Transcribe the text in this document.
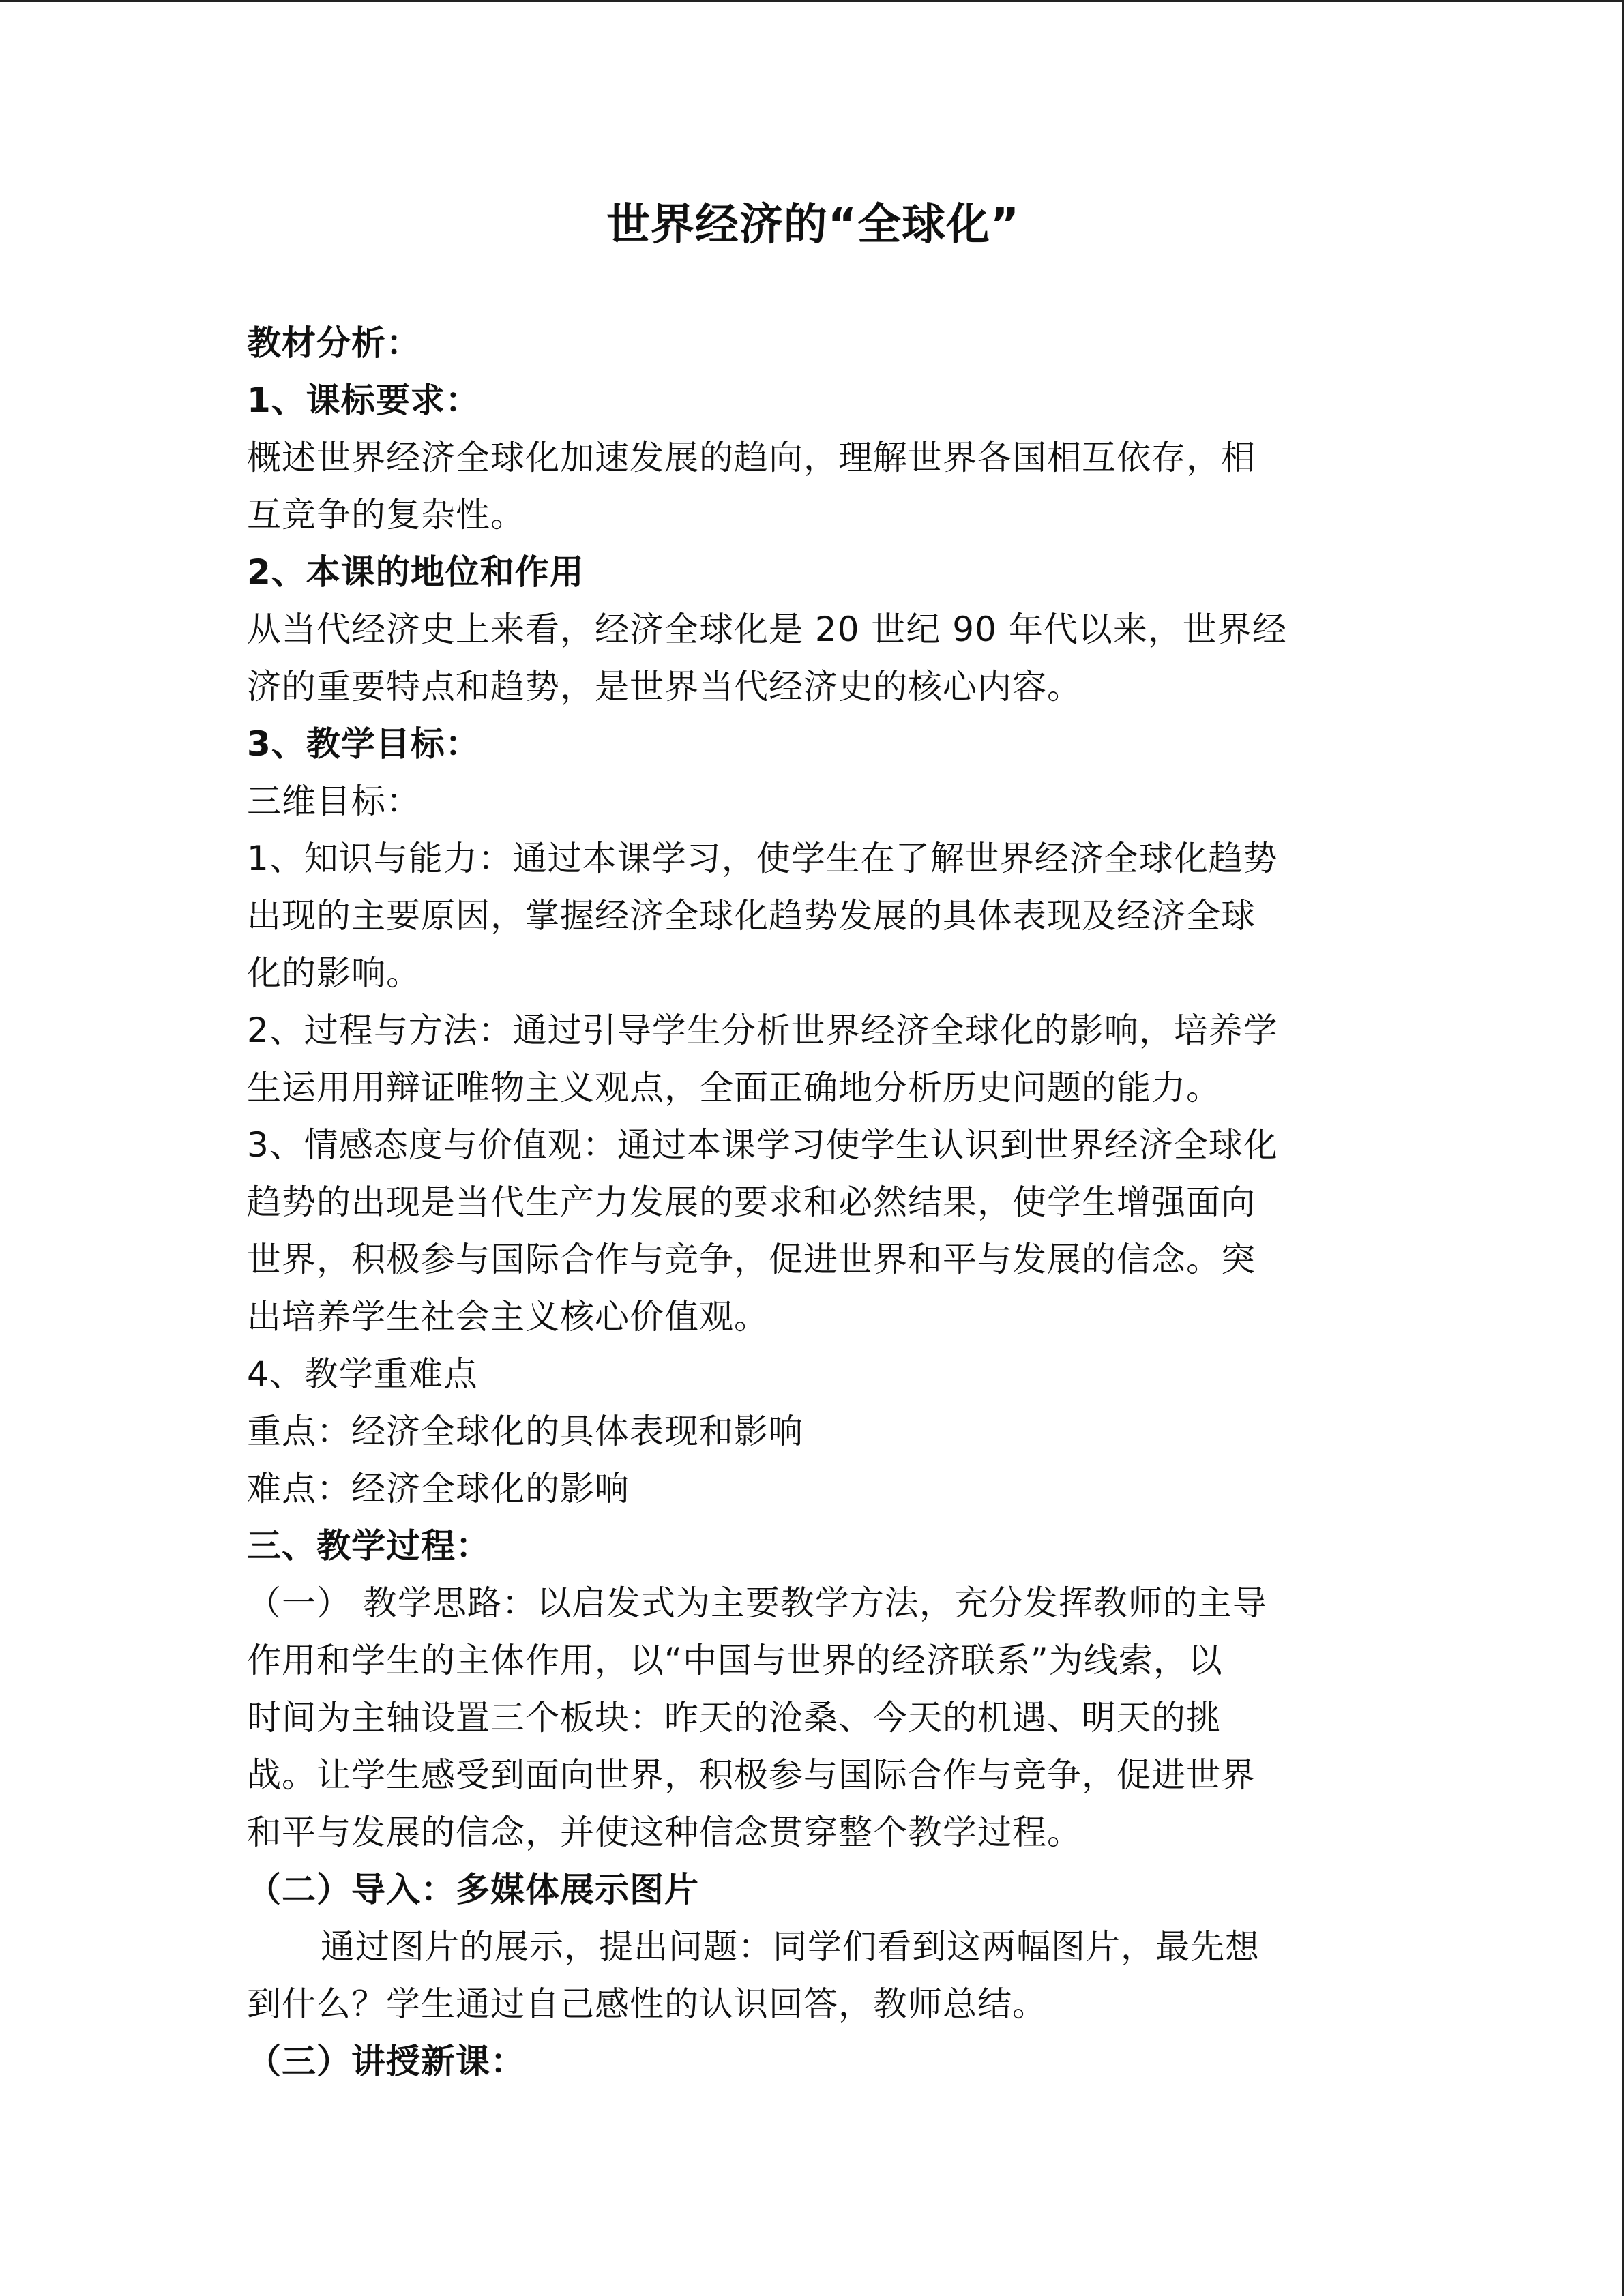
世界经济的“全球化”
教材分析：
1、课标要求：
概述世界经济全球化加速发展的趋向，理解世界各国相互依存，相
互竞争的复杂性。
2、本课的地位和作用
从当代经济史上来看，经济全球化是 20 世纪 90 年代以来，世界经
济的重要特点和趋势，是世界当代经济史的核心内容。
3、教学目标：
三维目标：
1、知识与能力：通过本课学习，使学生在了解世界经济全球化趋势
出现的主要原因，掌握经济全球化趋势发展的具体表现及经济全球
化的影响。
2、过程与方法：通过引导学生分析世界经济全球化的影响，培养学
生运用用辩证唯物主义观点，全面正确地分析历史问题的能力。
3、情感态度与价值观：通过本课学习使学生认识到世界经济全球化
趋势的出现是当代生产力发展的要求和必然结果，使学生增强面向
世界，积极参与国际合作与竞争，促进世界和平与发展的信念。突
出培养学生社会主义核心价值观。
4、教学重难点
重点：经济全球化的具体表现和影响
难点：经济全球化的影响
三、教学过程：
（一） 教学思路：以启发式为主要教学方法，充分发挥教师的主导
作用和学生的主体作用，以“中国与世界的经济联系”为线索，以
时间为主轴设置三个板块：昨天的沧桑、今天的机遇、明天的挑
战。让学生感受到面向世界，积极参与国际合作与竞争，促进世界
和平与发展的信念，并使这种信念贯穿整个教学过程。
（二）导入：多媒体展示图片
通过图片的展示，提出问题：同学们看到这两幅图片，最先想
到什么？学生通过自己感性的认识回答，教师总结。
（三）讲授新课：
